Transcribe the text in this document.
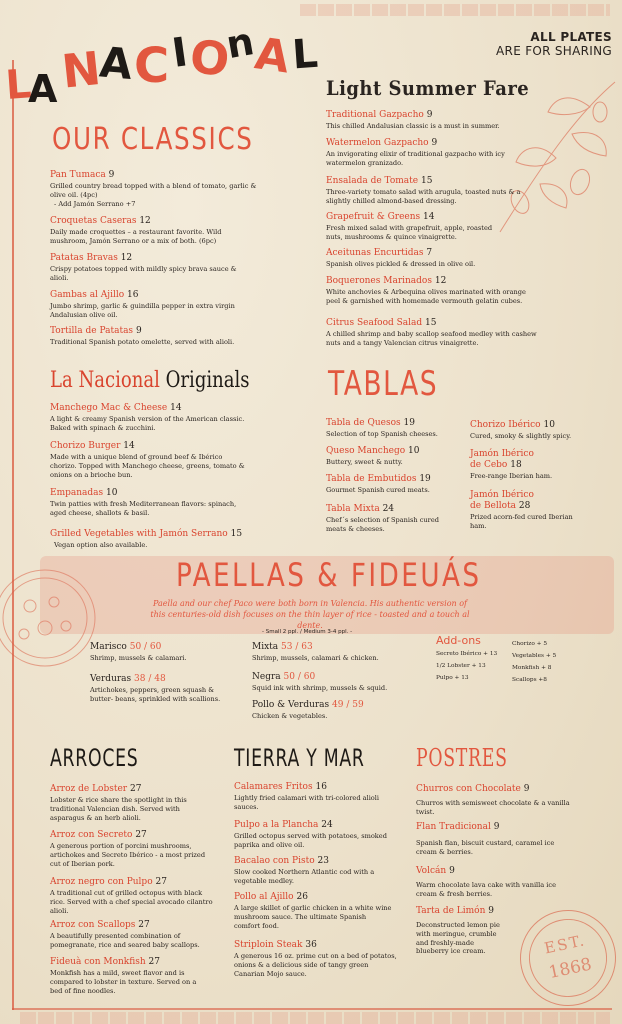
L
A N
A C I
O
n
A
L	ALL PLATES
ARE FOR SHARING
OUR CLASSICS
Pan Tumaca 9
Grilled country bread topped with a blend of tomato, garlic & olive oil. (4pc)
- Add Jamón Serrano +7
Croquetas Caseras 12
Daily made croquettes – a restaurant favorite. Wild mushroom, Jamón Serrano or a mix of both. (6pc)
Patatas Bravas 12
Crispy potatoes topped with mildly spicy brava sauce & alioli.
Gambas al Ajillo 16
Jumbo shrimp, garlic & guindilla pepper in extra virgin Andalusian olive oil.
Tortilla de Patatas 9
Traditional Spanish potato omelette, served with alioli.
Light Summer Fare
Traditional Gazpacho 9
This chilled Andalusian classic is a must in summer.
Watermelon Gazpacho 9
An invigorating elixir of traditional gazpacho with icy watermelon granizado.
Ensalada de Tomate 15
Three-variety tomato salad with arugula, toasted nuts & a slightly chilled almond-based dressing.
Grapefruit & Greens 14
Fresh mixed salad with grapefruit, apple, roasted nuts, mushrooms & quince vinaigrette.
Aceitunas Encurtidas 7
Spanish olives pickled & dressed in olive oil.
Boquerones Marinados 12
White anchovies & Arbequina olives marinated with orange peel & garnished with homemade vermouth gelatin cubes.
Citrus Seafood Salad 15
A chilled shrimp and baby scallop seafood medley with cashew nuts and a tangy Valencian citrus vinaigrette.
La Nacional Originals
Manchego Mac & Cheese 14
A light & creamy Spanish version of the American classic. Baked with spinach & zucchini.
Chorizo Burger 14
Made with a unique blend of ground beef & Ibérico chorizo. Topped with Manchego cheese, greens, tomato & onions on a brioche bun.
Empanadas 10
Twin patties with fresh Mediterranean flavors: spinach, aged cheese, shallots & basil.
Grilled Vegetables with Jamón Serrano 15
Vegan option also available.
TABLAS
Tabla de Quesos 19
Selection of top Spanish cheeses.
Queso Manchego 10
Buttery, sweet & nutty.
Tabla de Embutidos 19
Gourmet Spanish cured meats.
Tabla Mixta 24
Chef´s selection of Spanish cured meats & cheeses.
Chorizo Ibérico 10
Cured, smoky & slightly spicy.
Jamón Ibérico
de Cebo 18
Free-range Iberian ham.
Jamón Ibérico
de Bellota 28
Prized acorn-fed cured Iberian ham.
PAELLAS & FIDEUÁS
Paella and our chef Paco were both born in Valencia. His authentic version of this centuries-old dish focuses on the thin layer of rice - toasted and a touch al dente.
- Small 2 ppl. / Medium 3-4 ppl. -
Marisco 50 / 60
Shrimp, mussels & calamari.
Verduras 38 / 48
Artichokes, peppers, green squash & butter- beans, sprinkled with scallions.
Mixta 53 / 63
Shrimp, mussels, calamari & chicken.
Negra 50 / 60
Squid ink with shrimp, mussels & squid.
Pollo & Verduras 49 / 59
Chicken & vegetables.
Add-ons
Secreto Ibérico + 13
1/2 Lobster + 13
Pulpo + 13
Chorizo + 5
Vegetables + 5
Monkfish + 8
Scallops +8
ARROCES
Arroz de Lobster 27
Lobster & rice share the spotlight in this traditional Valencian dish. Served with asparagus & an herb alioli.
Arroz con Secreto 27
A generous portion of porcini mushrooms, artichokes and Secreto Ibérico - a most prized cut of Iberian pork.
Arroz negro con Pulpo 27
A traditional cut of grilled octopus with black rice. Served with a chef special avocado cilantro alioli.
Arroz con Scallops 27
A beautifully presented combination of pomegranate, rice and seared baby scallops.
Fideuà con Monkfish 27
Monkfish has a mild, sweet flavor and is compared to lobster in texture. Served on a bed of fine noodles.
TIERRA Y MAR
Calamares Fritos 16
Lightly fried calamari with tri-colored alioli sauces.
Pulpo a la Plancha 24
Grilled octopus served with potatoes, smoked paprika and olive oil.
Bacalao con Pisto 23
Slow cooked Northern Atlantic cod with a vegetable medley.
Pollo al Ajillo 26
A large skillet of garlic chicken in a white wine mushroom sauce. The ultimate Spanish comfort food.
Striploin Steak 36
A generous 16 oz. prime cut on a bed of potatos, onions & a delicious side of tangy green Canarian Mojo sauce.
POSTRES
Churros con Chocolate 9
Churros with semisweet chocolate & a vanilla twist.
Flan Tradicional 9
Spanish flan, biscuit custard, caramel ice cream & berries.
Volcán 9
Warm chocolate lava cake with vanilla ice cream & fresh berries.
Tarta de Limón 9
Deconstructed lemon pie with meringue, crumble and freshly-made blueberry ice cream.	EST.
1868
